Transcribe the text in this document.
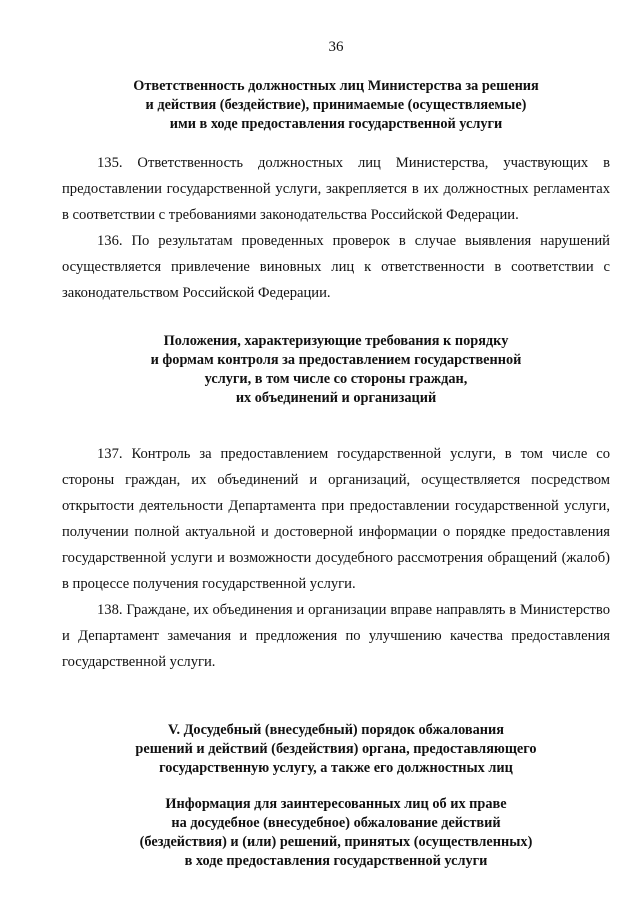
36
Ответственность должностных лиц Министерства за решения
и действия (бездействие), принимаемые (осуществляемые)
ими в ходе предоставления государственной услуги

135. Ответственность должностных лиц Министерства, участвующих в предоставлении государственной услуги, закрепляется в их должностных регламентах в соответствии с требованиями законодательства Российской Федерации.

136. По результатам проведенных проверок в случае выявления нарушений осуществляется привлечение виновных лиц к ответственности в соответствии с законодательством Российской Федерации.

Положения, характеризующие требования к порядку
и формам контроля за предоставлением государственной
услуги, в том числе со стороны граждан,
их объединений и организаций

137. Контроль за предоставлением государственной услуги, в том числе со стороны граждан, их объединений и организаций, осуществляется посредством открытости деятельности Департамента при предоставлении государственной услуги, получении полной актуальной и достоверной информации о порядке предоставления государственной услуги и возможности досудебного рассмотрения обращений (жалоб) в процессе получения государственной услуги.

138. Граждане, их объединения и организации вправе направлять в Министерство и Департамент замечания и предложения по улучшению качества предоставления государственной услуги.

V. Досудебный (внесудебный) порядок обжалования
решений и действий (бездействия) органа, предоставляющего
государственную услугу, а также его должностных лиц
Информация для заинтересованных лиц об их праве
на досудебное (внесудебное) обжалование действий
(бездействия) и (или) решений, принятых (осуществленных)
в ходе предоставления государственной услуги
